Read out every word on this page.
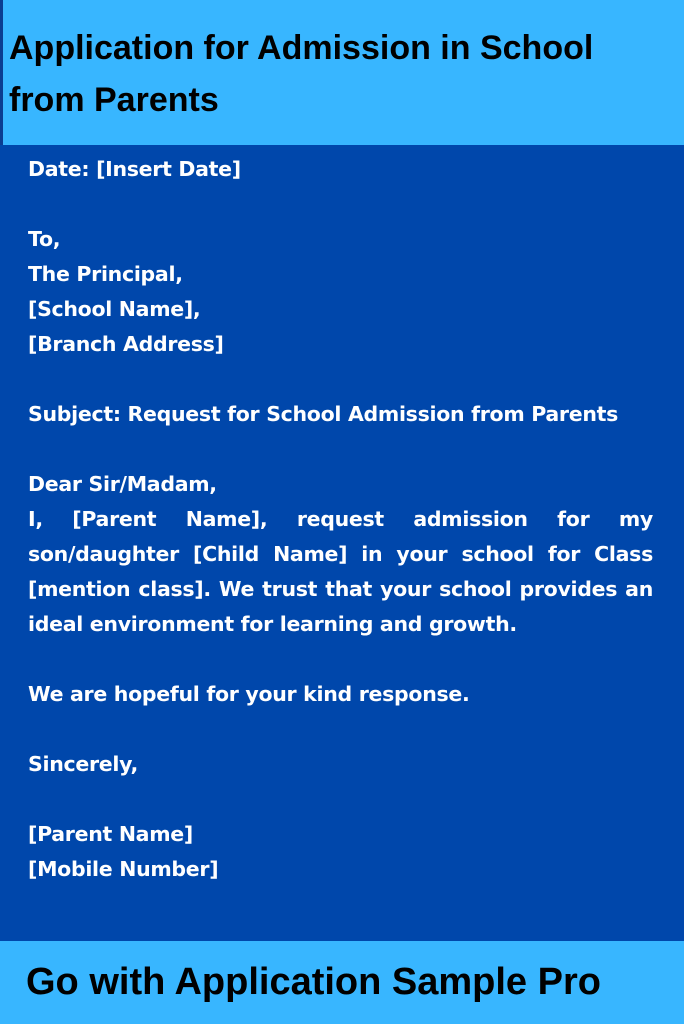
Application for Admission in School from Parents

Date: [Insert Date]

To,

The Principal,

[School Name],

[Branch Address]

Subject: Request for School Admission from Parents

Dear Sir/Madam,

I, [Parent Name], request admission for my son/daughter [Child Name] in your school for Class [mention class]. We trust that your school provides an ideal environment for learning and growth.

We are hopeful for your kind response.

Sincerely,

[Parent Name]

[Mobile Number]

Go with Application Sample Pro
